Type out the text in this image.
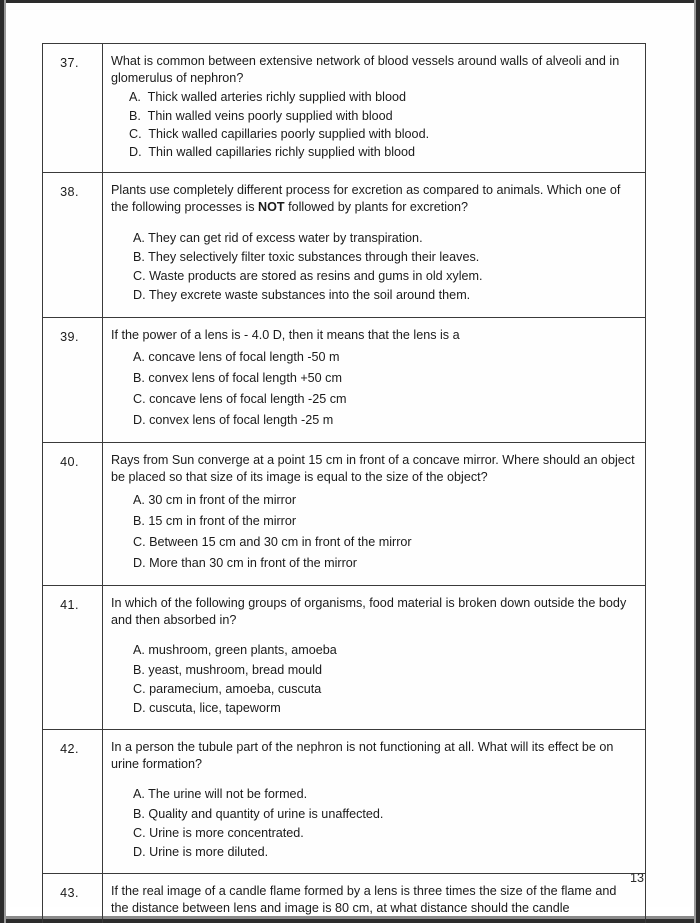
37.	What is common between extensive network of blood vessels around walls of alveoli and in glomerulus of nephron?

A.  Thick walled arteries richly supplied with blood
B.  Thin walled veins poorly supplied with blood
C.  Thick walled capillaries poorly supplied with blood.
D.  Thin walled capillaries richly supplied with blood

38.	Plants use completely different process for excretion as compared to animals. Which one of the following processes is NOT followed by plants for excretion?

A. They can get rid of excess water by transpiration.
B. They selectively filter toxic substances through their leaves.
C. Waste products are stored as resins and gums in old xylem.
D. They excrete waste substances into the soil around them.

39.	If the power of a lens is - 4.0 D, then it means that the lens is a

A. concave lens of focal length -50 m
B. convex lens of focal length +50 cm
C. concave lens of focal length -25 cm
D. convex lens of focal length -25 m

40.	Rays from Sun converge at a point 15 cm in front of a concave mirror. Where should an object be placed so that size of its image is equal to the size of the object?

A. 30 cm in front of the mirror
B. 15 cm in front of the mirror
C. Between 15 cm and 30 cm in front of the mirror
D. More than 30 cm in front of the mirror

41.	In which of the following groups of organisms, food material is broken down outside the body and then absorbed in?

A. mushroom, green plants, amoeba
B. yeast, mushroom, bread mould
C. paramecium, amoeba, cuscuta
D. cuscuta, lice, tapeworm

42.	In a person the tubule part of the nephron is not functioning at all. What will its effect be on urine formation?

A. The urine will not be formed.
B. Quality and quantity of urine is unaffected.
C. Urine is more concentrated.
D. Urine is more diluted.

43.	If the real image of a candle flame formed by a lens is three times the size of the flame and the distance between lens and image is 80 cm, at what distance should the candle

13
